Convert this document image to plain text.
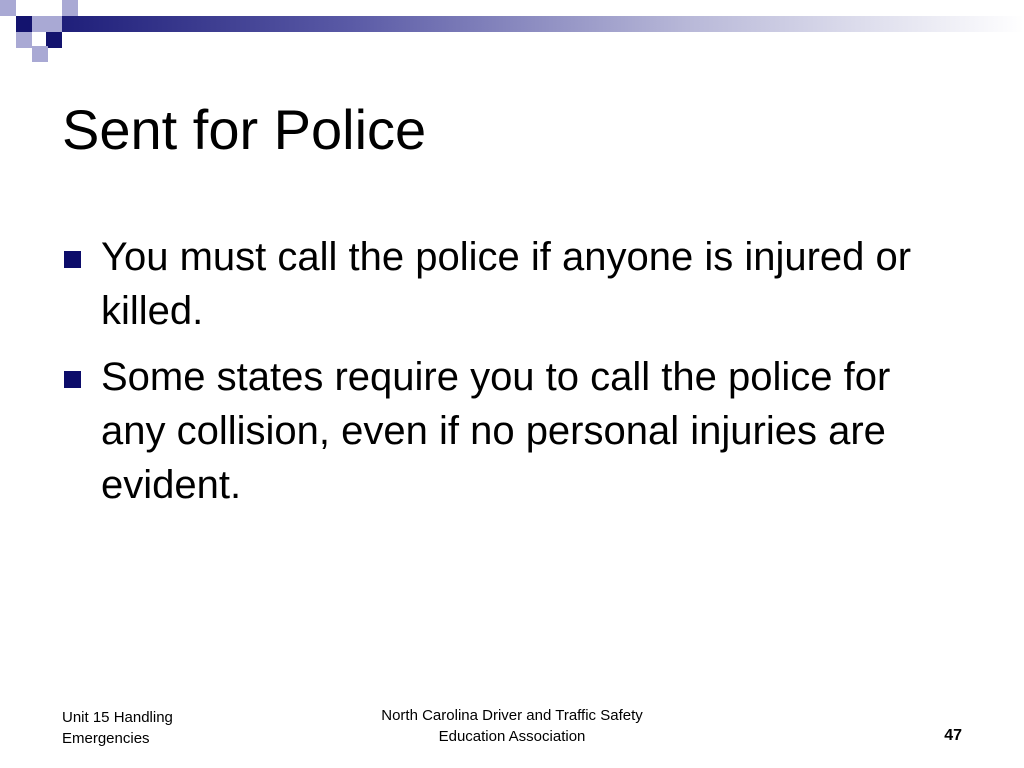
Sent for Police
You must call the police if anyone is injured or killed.
Some states require you to call the police for any collision, even if no personal injuries are evident.
Unit 15 Handling
Emergencies
North Carolina Driver and Traffic Safety
Education Association	47
